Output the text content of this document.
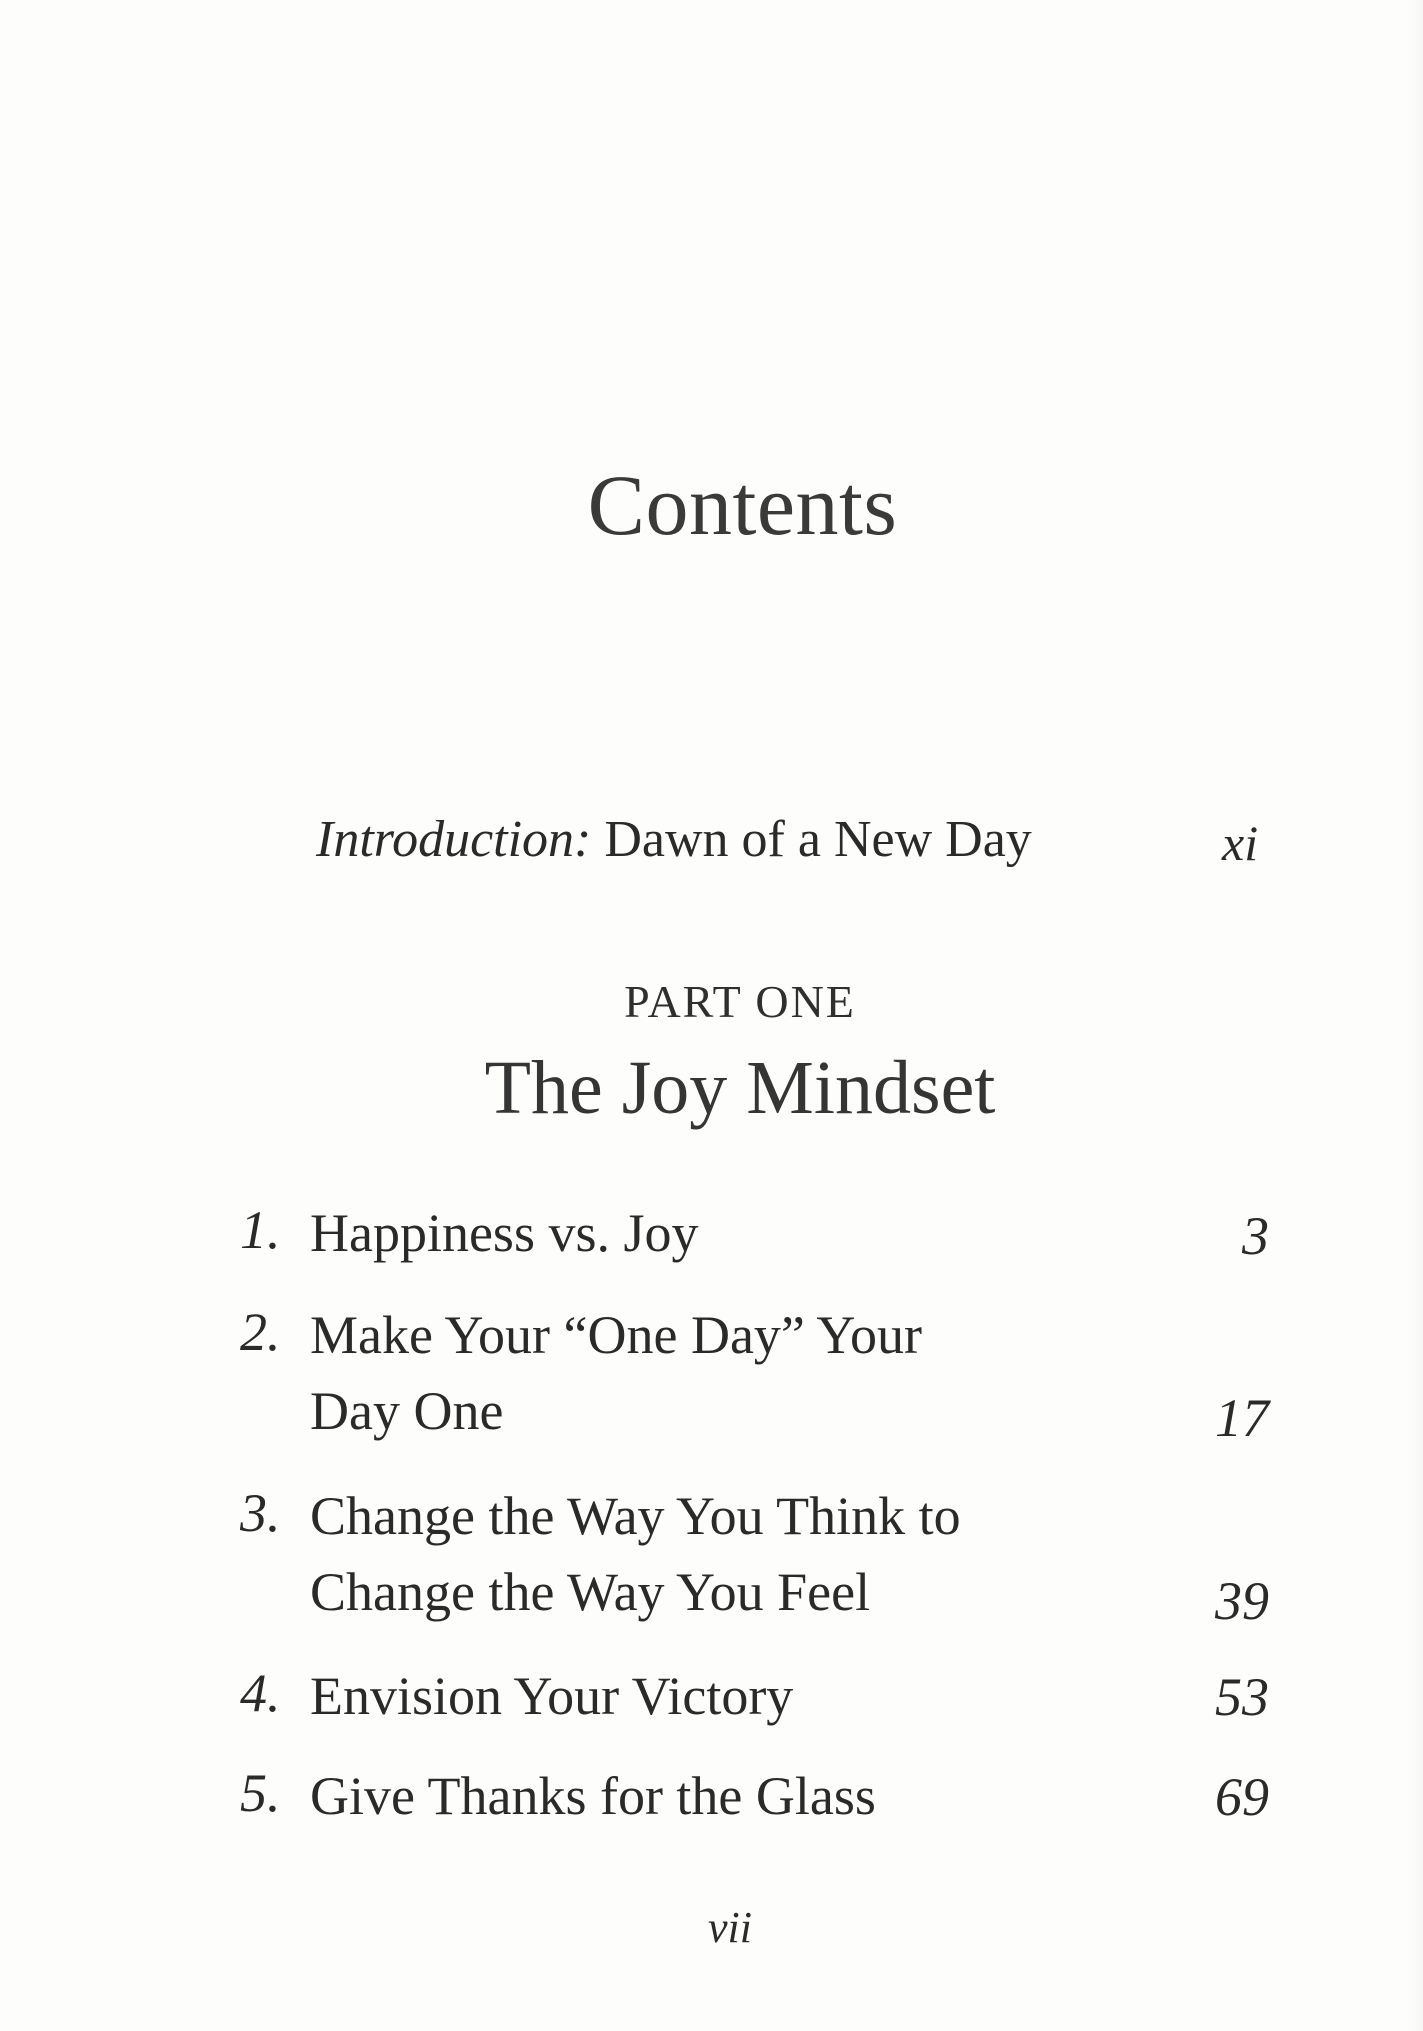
Contents
Introduction: Dawn of a New Day	xi
PART ONE
The Joy Mindset
1. Happiness vs. Joy	3
2. Make Your “One Day” Your Day One	17
3. Change the Way You Think to Change the Way You Feel	39
4. Envision Your Victory	53
5. Give Thanks for the Glass	69
vii
